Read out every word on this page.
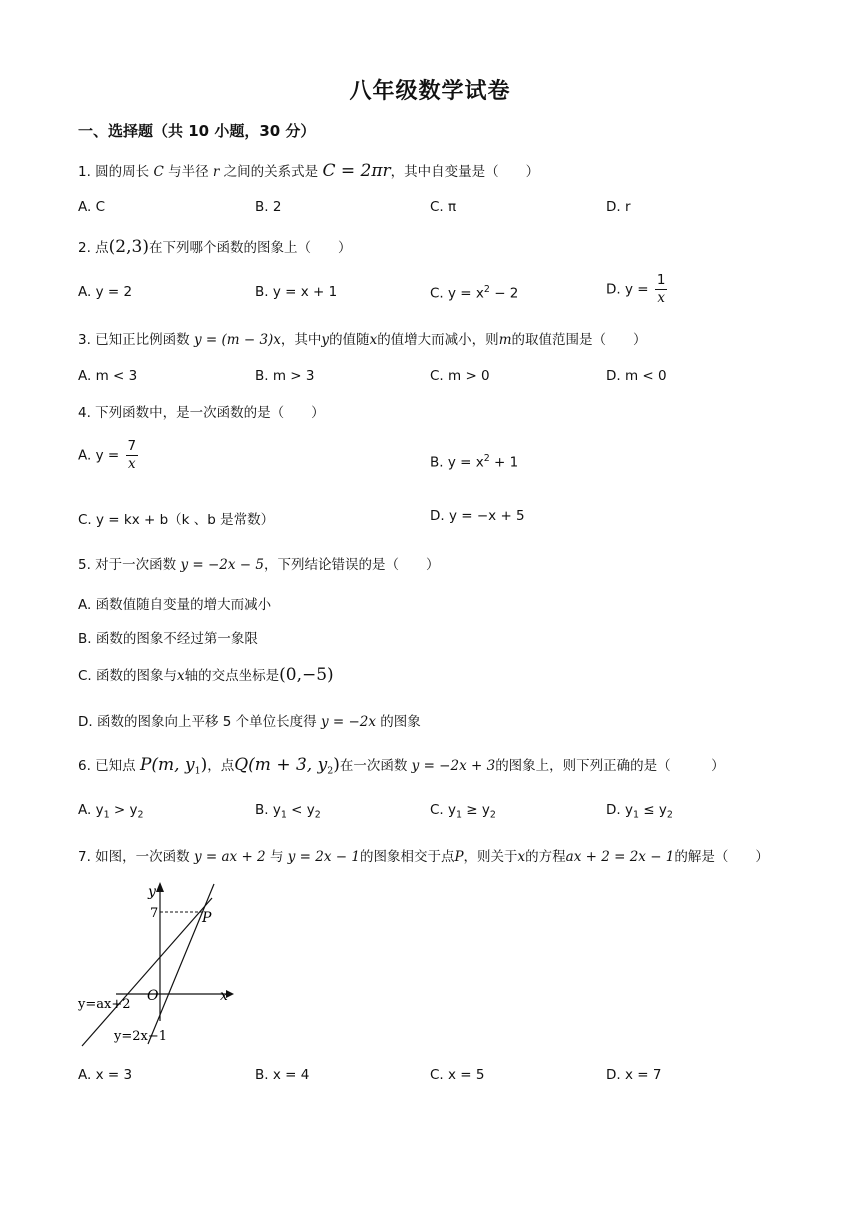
八年级数学试卷
一、选择题（共 10 小题，30 分）
1. 圆的周长 C 与半径 r 之间的关系式是 C = 2πr，其中自变量是（　　）
A. C	B. 2	C. π	D. r
2. 点(2,3)在下列哪个函数的图象上（　　）
A. y = 2	B. y = x + 1	C. $y = x^2 - 2$	D. $y = \frac{1}{x}$
3. 已知正比例函数 y = (m − 3)x，其中y的值随x的值增大而减小，则m的取值范围是（　　）
A. m < 3	B. m > 3	C. m > 0	D. m < 0
4. 下列函数中，是一次函数的是（　　）
A. $y = \frac{7}{x}$	B. $y = x^2 + 1$
C. y = kx + b（k 、b 是常数）	D. y = −x + 5
5. 对于一次函数 y = −2x − 5，下列结论错误的是（　　）
A. 函数值随自变量的增大而减小
B. 函数的图象不经过第一象限
C. 函数的图象与x轴的交点坐标是(0,−5)
D. 函数的图象向上平移 5 个单位长度得 y = −2x 的图象
6. 已知点 P(m, $y_1$)，点Q(m + 3, $y_2$)在一次函数 y = −2x + 3的图象上，则下列正确的是（　　　）
A. $y_1 > y_2$	B. $y_1 < y_2$	C. $y_1 \ge y_2$	D. $y_1 \le y_2$
7. 如图，一次函数 y = ax + 2 与 y = 2x − 1的图象相交于点P，则关于x的方程ax + 2 = 2x − 1的解是（　　）
y
x
O
7	P
y=ax+2
y=2x−1
A. x = 3	B. x = 4	C. x = 5	D. x = 7
